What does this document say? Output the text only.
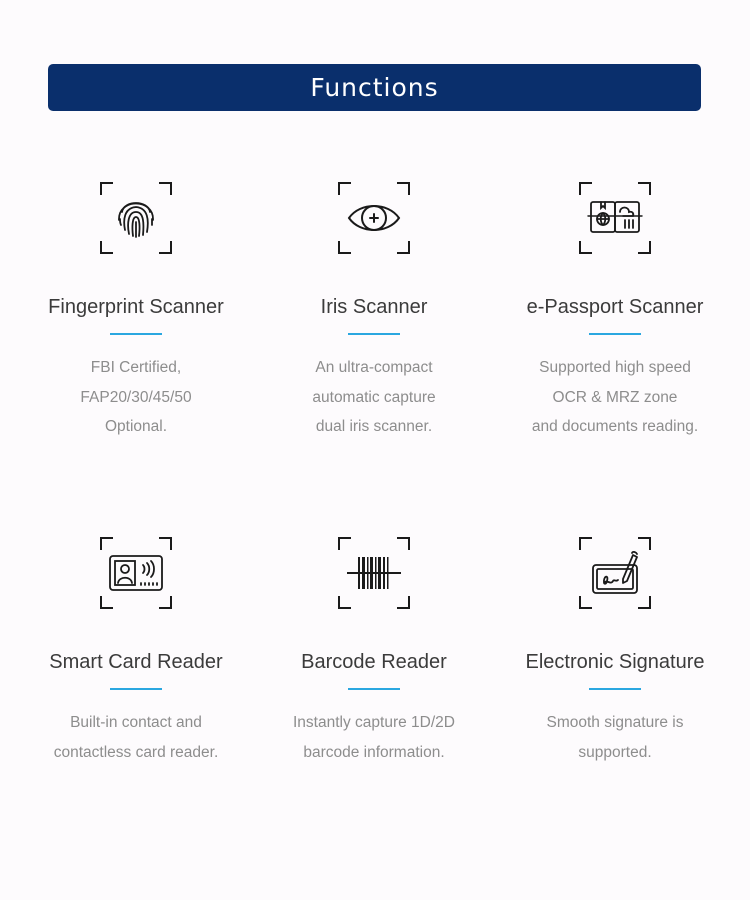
Functions
Fingerprint Scanner
FBI Certified,
FAP20/30/45/50
Optional.
Iris Scanner
An ultra-compact
automatic capture
dual iris scanner.
e-Passport Scanner
Supported high speed
OCR & MRZ zone
and documents reading.
Smart Card Reader
Built-in contact and
contactless card reader.
Barcode Reader
Instantly capture 1D/2D
barcode information.
Electronic Signature
Smooth signature is
supported.
